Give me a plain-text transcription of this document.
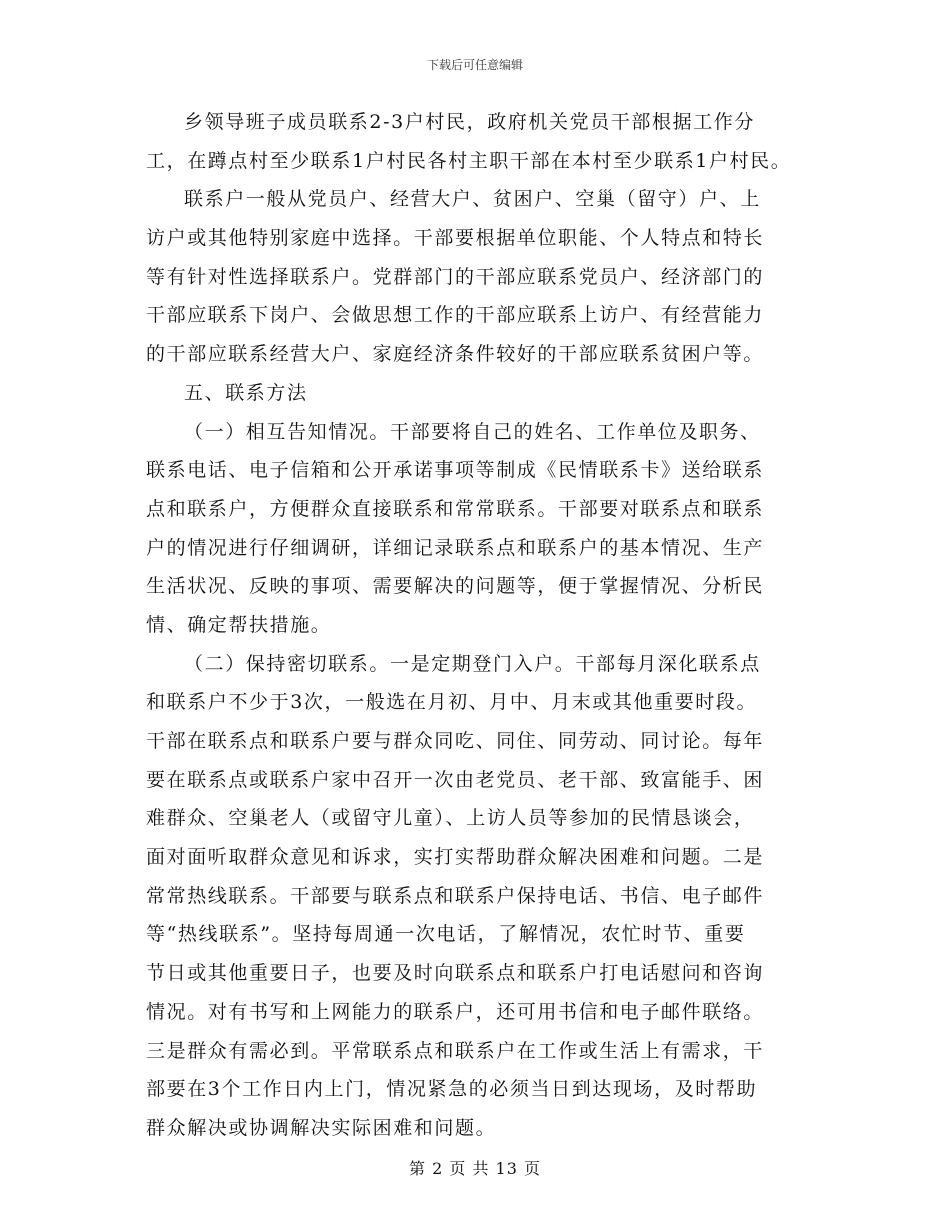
下载后可任意编辑
乡领导班子成员联系2-3户村民，政府机关党员干部根据工作分
工，在蹲点村至少联系1户村民各村主职干部在本村至少联系1户村民。
联系户一般从党员户、经营大户、贫困户、空巢（留守）户、上
访户或其他特别家庭中选择。干部要根据单位职能、个人特点和特长
等有针对性选择联系户。党群部门的干部应联系党员户、经济部门的
干部应联系下岗户、会做思想工作的干部应联系上访户、有经营能力
的干部应联系经营大户、家庭经济条件较好的干部应联系贫困户等。
五、联系方法
（一）相互告知情况。干部要将自己的姓名、工作单位及职务、
联系电话、电子信箱和公开承诺事项等制成《民情联系卡》送给联系
点和联系户，方便群众直接联系和常常联系。干部要对联系点和联系
户的情况进行仔细调研，详细记录联系点和联系户的基本情况、生产
生活状况、反映的事项、需要解决的问题等，便于掌握情况、分析民
情、确定帮扶措施。
（二）保持密切联系。一是定期登门入户。干部每月深化联系点
和联系户不少于3次，一般选在月初、月中、月末或其他重要时段。
干部在联系点和联系户要与群众同吃、同住、同劳动、同讨论。每年
要在联系点或联系户家中召开一次由老党员、老干部、致富能手、困
难群众、空巢老人（或留守儿童）、上访人员等参加的民情恳谈会，
面对面听取群众意见和诉求，实打实帮助群众解决困难和问题。二是
常常热线联系。干部要与联系点和联系户保持电话、书信、电子邮件
等“热线联系”。坚持每周通一次电话，了解情况，农忙时节、重要
节日或其他重要日子，也要及时向联系点和联系户打电话慰问和咨询
情况。对有书写和上网能力的联系户，还可用书信和电子邮件联络。
三是群众有需必到。平常联系点和联系户在工作或生活上有需求，干
部要在3个工作日内上门，情况紧急的必须当日到达现场，及时帮助
群众解决或协调解决实际困难和问题。
第 2 页 共 13 页
